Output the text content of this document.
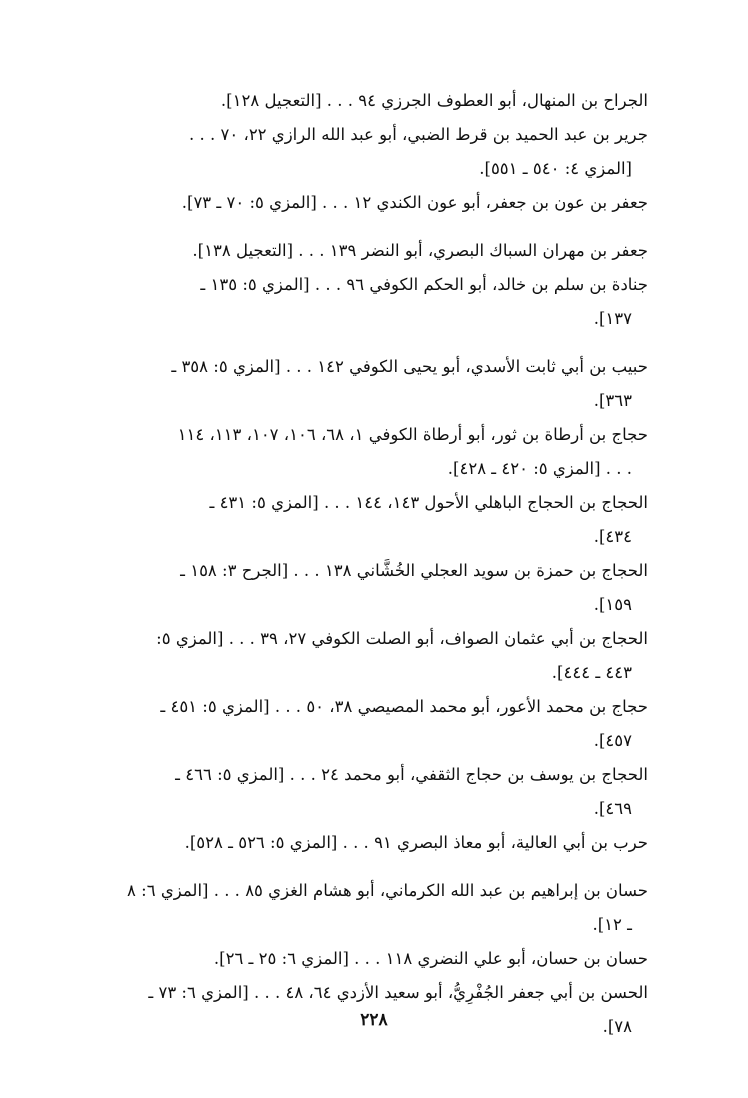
الجراح بن المنهال، أبو العطوف الجرزي ٩٤ . . . [التعجيل ١٢٨].

جرير بن عبد الحميد بن قرط الضبي، أبو عبد الله الرازي ٢٢، ٧٠ . . .
[المزي ٤: ٥٤٠ ـ ٥٥١].

جعفر بن عون بن جعفر، أبو عون الكندي ١٢ . . . [المزي ٥: ٧٠ ـ ٧٣].

جعفر بن مهران السباك البصري، أبو النضر ١٣٩ . . . [التعجيل ١٣٨].

جنادة بن سلم بن خالد، أبو الحكم الكوفي ٩٦ . . . [المزي ٥: ١٣٥ ـ
١٣٧].

حبيب بن أبي ثابت الأسدي، أبو يحيى الكوفي ١٤٢ . . . [المزي ٥: ٣٥٨ ـ
٣٦٣].

حجاج بن أرطاة بن ثور، أبو أرطاة الكوفي ١، ٦٨، ١٠٦، ١٠٧، ١١٣، ١١٤
. . . [المزي ٥: ٤٢٠ ـ ٤٢٨].

الحجاج بن الحجاج الباهلي الأحول ١٤٣، ١٤٤ . . . [المزي ٥: ٤٣١ ـ
٤٣٤].

الحجاج بن حمزة بن سويد العجلي الخُشَّاني ١٣٨ . . . [الجرح ٣: ١٥٨ ـ
١٥٩].

الحجاج بن أبي عثمان الصواف، أبو الصلت الكوفي ٢٧، ٣٩ . . . [المزي ٥:
٤٤٣ ـ ٤٤٤].

حجاج بن محمد الأعور، أبو محمد المصيصي ٣٨، ٥٠ . . . [المزي ٥: ٤٥١ ـ
٤٥٧].

الحجاج بن يوسف بن حجاج الثقفي، أبو محمد ٢٤ . . . [المزي ٥: ٤٦٦ ـ
٤٦٩].

حرب بن أبي العالية، أبو معاذ البصري ٩١ . . . [المزي ٥: ٥٢٦ ـ ٥٢٨].

حسان بن إبراهيم بن عبد الله الكرماني، أبو هشام الغزي ٨٥ . . . [المزي ٦: ٨
ـ ١٢].

حسان بن حسان، أبو علي النضري ١١٨ . . . [المزي ٦: ٢٥ ـ ٢٦].

الحسن بن أبي جعفر الجُفْرِيُّ، أبو سعيد الأزدي ٦٤، ٤٨ . . . [المزي ٦: ٧٣ ـ
٧٨].

٢٢٨
